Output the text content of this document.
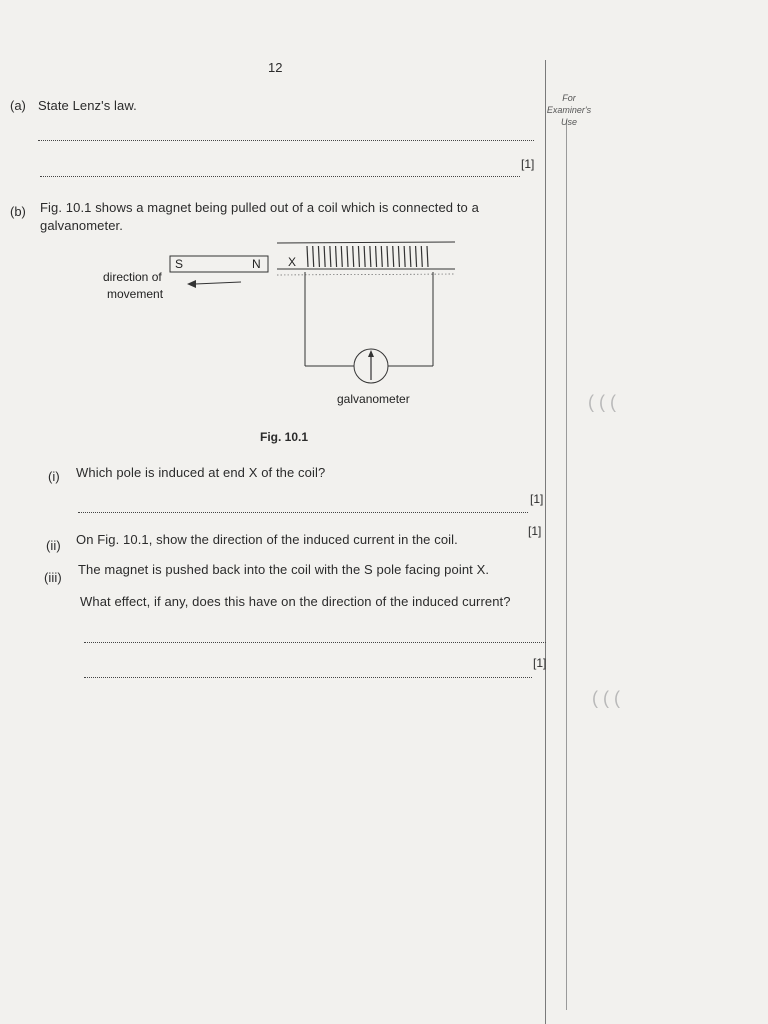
12
For
Examiner's
Use
(a) State Lenz's law.
[1]
(b) Fig. 10.1 shows a magnet being pulled out of a coil which is connected to a
galvanometer.
S	N X
galvanometer
direction of
movement
Fig. 10.1
(i) Which pole is induced at end X of the coil?
[1]
(ii) On Fig. 10.1, show the direction of the induced current in the coil.
[1]
(iii)
The magnet is pushed back into the coil with the S pole facing point X.
What effect, if any, does this have on the direction of the induced current?
[1]
( ( (
( ( (
